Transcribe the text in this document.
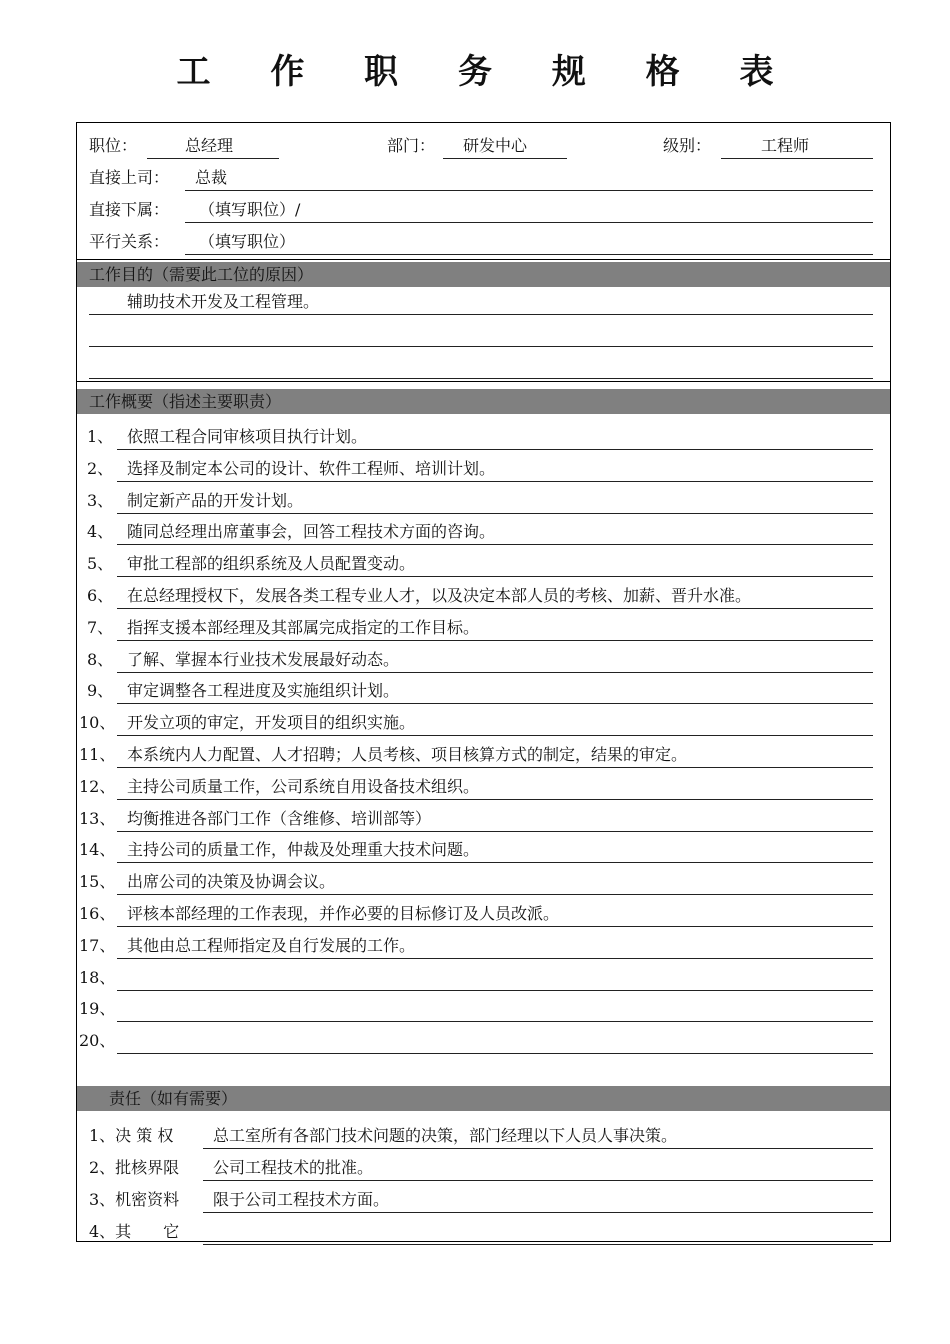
工 作 职 务 规 格 表
职位：	总经理	部门：	研发中心	级别：	工程师
直接上司：	总裁
直接下属：	（填写职位）/
平行关系：	（填写职位）
工作目的（需要此工位的原因）
辅助技术开发及工程管理。
工作概要（指述主要职责）
1、 依照工程合同审核项目执行计划。
2、 选择及制定本公司的设计、软件工程师、培训计划。
3、 制定新产品的开发计划。
4、 随同总经理出席董事会，回答工程技术方面的咨询。
5、 审批工程部的组织系统及人员配置变动。
6、 在总经理授权下，发展各类工程专业人才，以及决定本部人员的考核、加薪、晋升水准。
7、 指挥支援本部经理及其部属完成指定的工作目标。
8、 了解、掌握本行业技术发展最好动态。
9、 审定调整各工程进度及实施组织计划。
10、 开发立项的审定，开发项目的组织实施。
11、 本系统内人力配置、人才招聘；人员考核、项目核算方式的制定，结果的审定。
12、 主持公司质量工作，公司系统自用设备技术组织。
13、 均衡推进各部门工作（含维修、培训部等）
14、 主持公司的质量工作，仲裁及处理重大技术问题。
15、 出席公司的决策及协调会议。
16、 评核本部经理的工作表现，并作必要的目标修订及人员改派。
17、 其他由总工程师指定及自行发展的工作。
18、
19、
20、
责任（如有需要）
1、决 策 权	总工室所有各部门技术问题的决策，部门经理以下人员人事决策。
2、批核界限	公司工程技术的批准。
3、机密资料	限于公司工程技术方面。
4、其　　它
